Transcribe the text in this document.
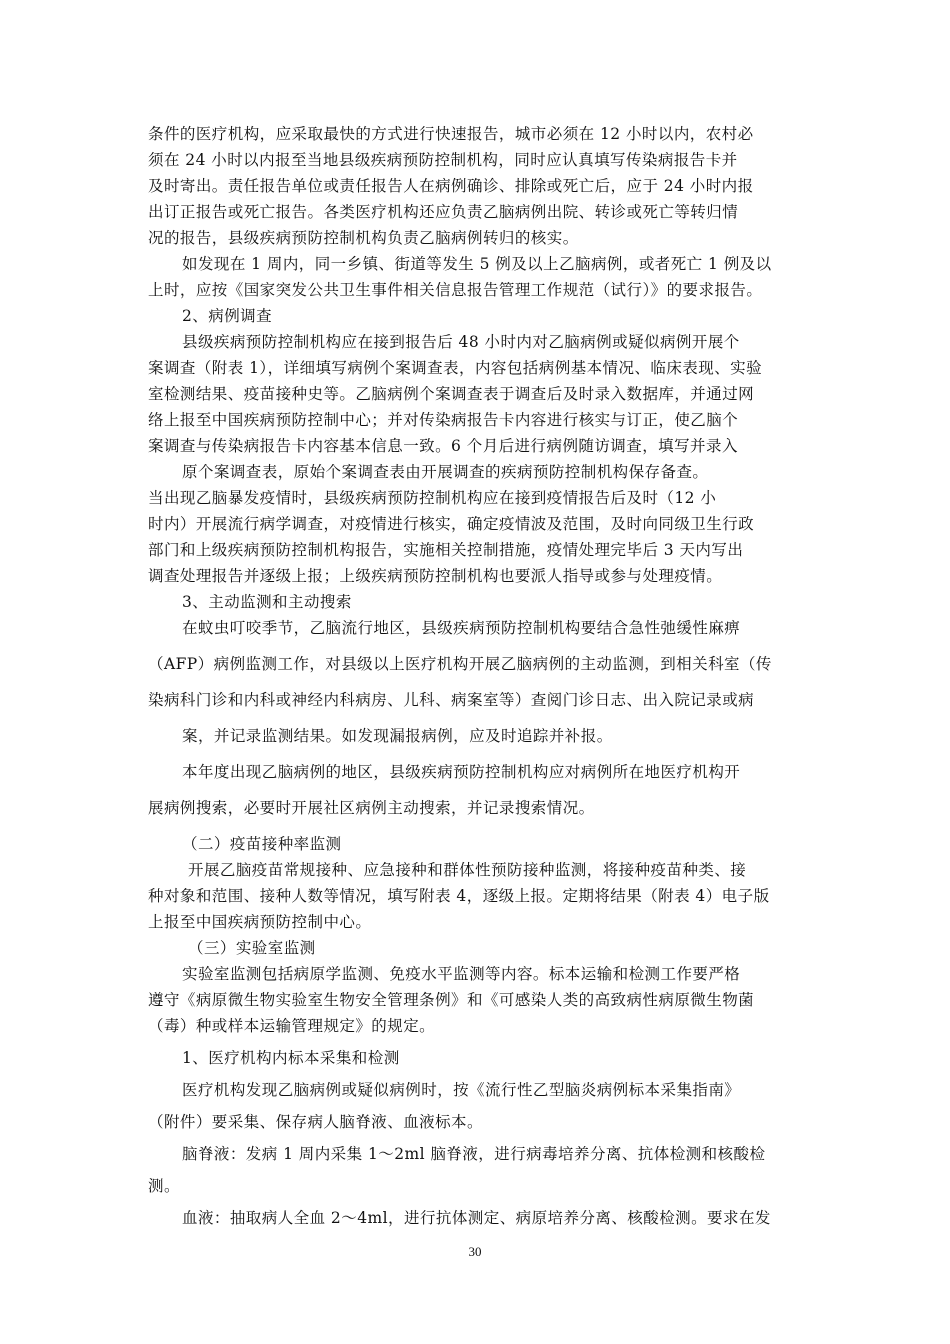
条件的医疗机构，应采取最快的方式进行快速报告，城市必须在 12 小时以内，农村必
须在 24 小时以内报至当地县级疾病预防控制机构，同时应认真填写传染病报告卡并
及时寄出。责任报告单位或责任报告人在病例确诊、排除或死亡后，应于 24 小时内报
出订正报告或死亡报告。各类医疗机构还应负责乙脑病例出院、转诊或死亡等转归情
况的报告，县级疾病预防控制机构负责乙脑病例转归的核实。
如发现在 1 周内，同一乡镇、街道等发生 5 例及以上乙脑病例，或者死亡 1 例及以
上时，应按《国家突发公共卫生事件相关信息报告管理工作规范（试行）》的要求报告。
2、病例调查
县级疾病预防控制机构应在接到报告后 48 小时内对乙脑病例或疑似病例开展个
案调查（附表 1），详细填写病例个案调查表，内容包括病例基本情况、临床表现、实验
室检测结果、疫苗接种史等。乙脑病例个案调查表于调查后及时录入数据库，并通过网
络上报至中国疾病预防控制中心；并对传染病报告卡内容进行核实与订正，使乙脑个
案调查与传染病报告卡内容基本信息一致。6 个月后进行病例随访调查，填写并录入
原个案调查表，原始个案调查表由开展调查的疾病预防控制机构保存备查。
当出现乙脑暴发疫情时，县级疾病预防控制机构应在接到疫情报告后及时（12 小
时内）开展流行病学调查，对疫情进行核实，确定疫情波及范围，及时向同级卫生行政
部门和上级疾病预防控制机构报告，实施相关控制措施，疫情处理完毕后 3 天内写出
调查处理报告并逐级上报；上级疾病预防控制机构也要派人指导或参与处理疫情。
3、主动监测和主动搜索
在蚊虫叮咬季节，乙脑流行地区，县级疾病预防控制机构要结合急性弛缓性麻痹
（AFP）病例监测工作，对县级以上医疗机构开展乙脑病例的主动监测，到相关科室（传
染病科门诊和内科或神经内科病房、儿科、病案室等）查阅门诊日志、出入院记录或病
案，并记录监测结果。如发现漏报病例，应及时追踪并补报。
本年度出现乙脑病例的地区，县级疾病预防控制机构应对病例所在地医疗机构开
展病例搜索，必要时开展社区病例主动搜索，并记录搜索情况。
（二）疫苗接种率监测
开展乙脑疫苗常规接种、应急接种和群体性预防接种监测，将接种疫苗种类、接
种对象和范围、接种人数等情况，填写附表 4，逐级上报。定期将结果（附表 4）电子版
上报至中国疾病预防控制中心。
（三）实验室监测
实验室监测包括病原学监测、免疫水平监测等内容。标本运输和检测工作要严格
遵守《病原微生物实验室生物安全管理条例》和《可感染人类的高致病性病原微生物菌
（毒）种或样本运输管理规定》的规定。
1、医疗机构内标本采集和检测
医疗机构发现乙脑病例或疑似病例时，按《流行性乙型脑炎病例标本采集指南》
（附件）要采集、保存病人脑脊液、血液标本。
脑脊液：发病 1 周内采集 1～2ml 脑脊液，进行病毒培养分离、抗体检测和核酸检
测。
血液：抽取病人全血 2～4ml，进行抗体测定、病原培养分离、核酸检测。要求在发
30
